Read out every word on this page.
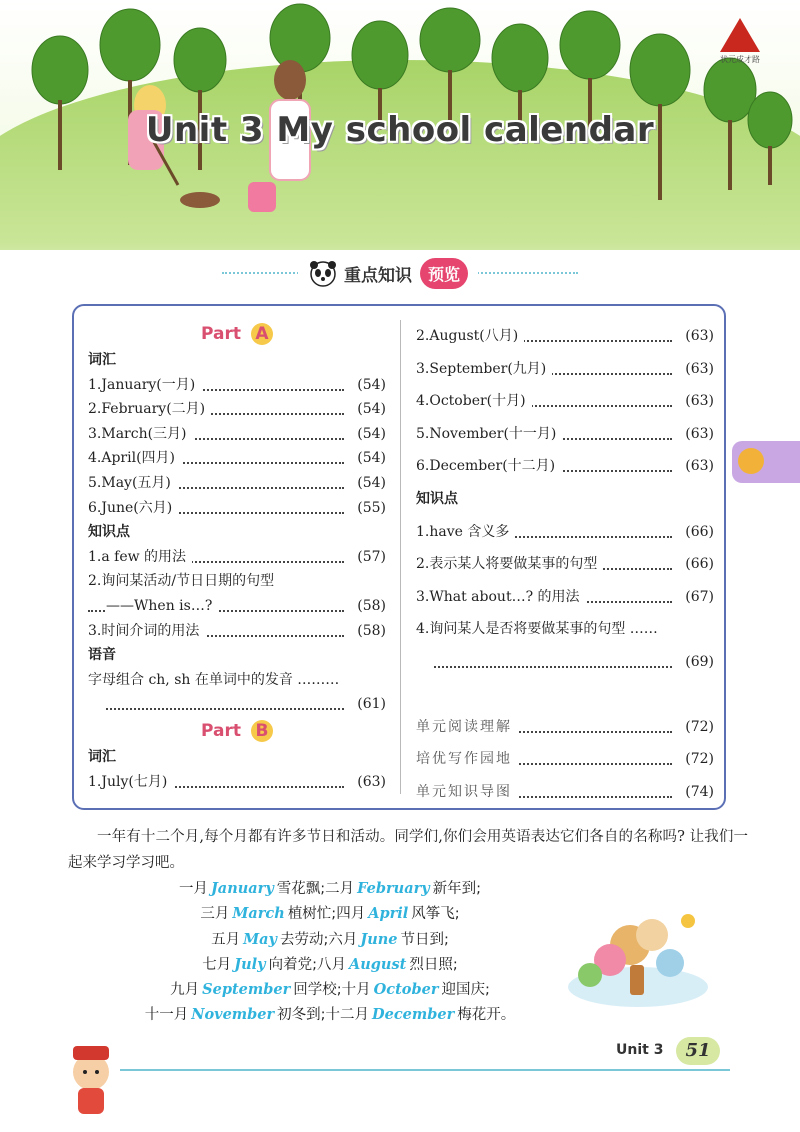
Unit 3 My school calendar
状元成才路
重点知识	预览
Part A
词汇
1.January(一月)	(54)
2.February(二月)	(54)
3.March(三月)	(54)
4.April(四月)	(54)
5.May(五月)	(54)
6.June(六月)	(55)
知识点
1.a few 的用法	(57)
2.询问某活动/节日日期的句型
——When is…?	(58)
3.时间介词的用法	(58)
语音
字母组合 ch, sh 在单词中的发音 ………
(61)
Part B
词汇
1.July(七月)	(63)
2.August(八月)	(63)
3.September(九月)	(63)
4.October(十月)	(63)
5.November(十一月)	(63)
6.December(十二月)	(63)
知识点
1.have 含义多	(66)
2.表示某人将要做某事的句型	(66)
3.What about…? 的用法	(67)
4.询问某人是否将要做某事的句型 ……
(69)
单元阅读理解	(72)
培优写作园地	(72)
单元知识导图	(74)
一年有十二个月,每个月都有许多节日和活动。同学们,你们会用英语表达它们各自的名称吗? 让我们一起来学习学习吧。
一月 January 雪花飘;二月 February 新年到;
三月 March 植树忙;四月 April 风筝飞;
五月 May 去劳动;六月 June 节日到;
七月 July 向着党;八月 August 烈日照;
九月 September 回学校;十月 October 迎国庆;
十一月 November 初冬到;十二月 December 梅花开。
Unit 3	51
